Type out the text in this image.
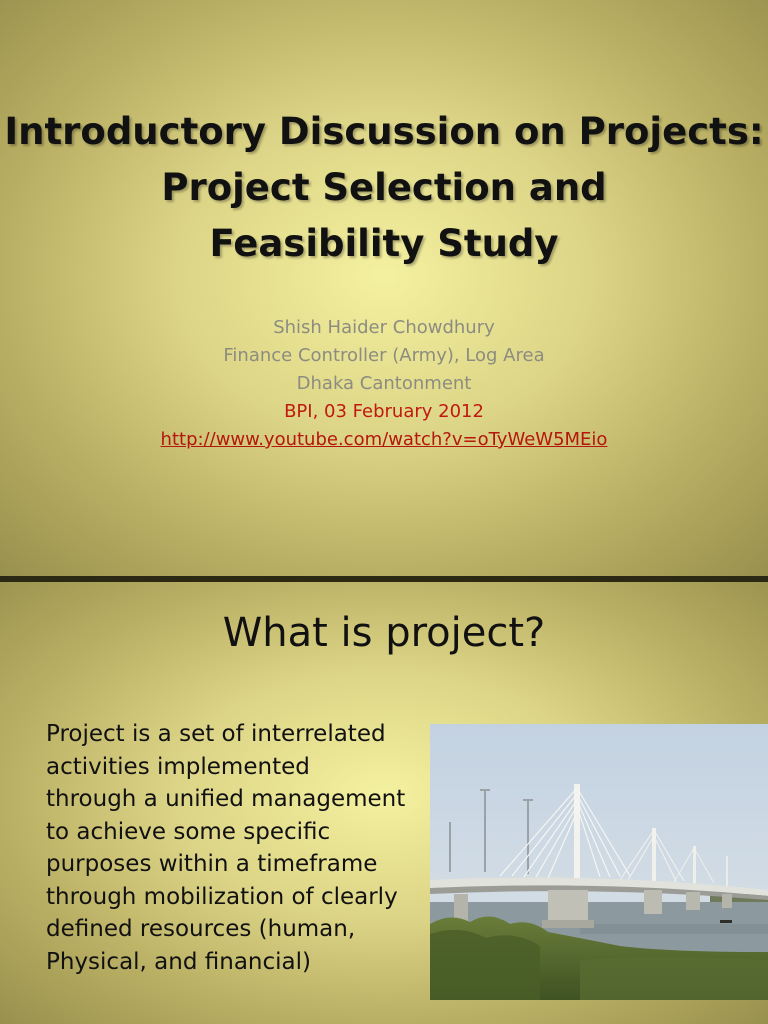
Introductory Discussion on Projects:
Project Selection and
Feasibility Study
Shish Haider Chowdhury
Finance Controller (Army), Log Area
Dhaka Cantonment
BPI, 03 February 2012
http://www.youtube.com/watch?v=oTyWeW5MEio
What is project?

Project is a set of interrelated activities implemented through a unified management to achieve some specific purposes within a timeframe through mobilization of clearly defined resources (human, Physical, and financial)
